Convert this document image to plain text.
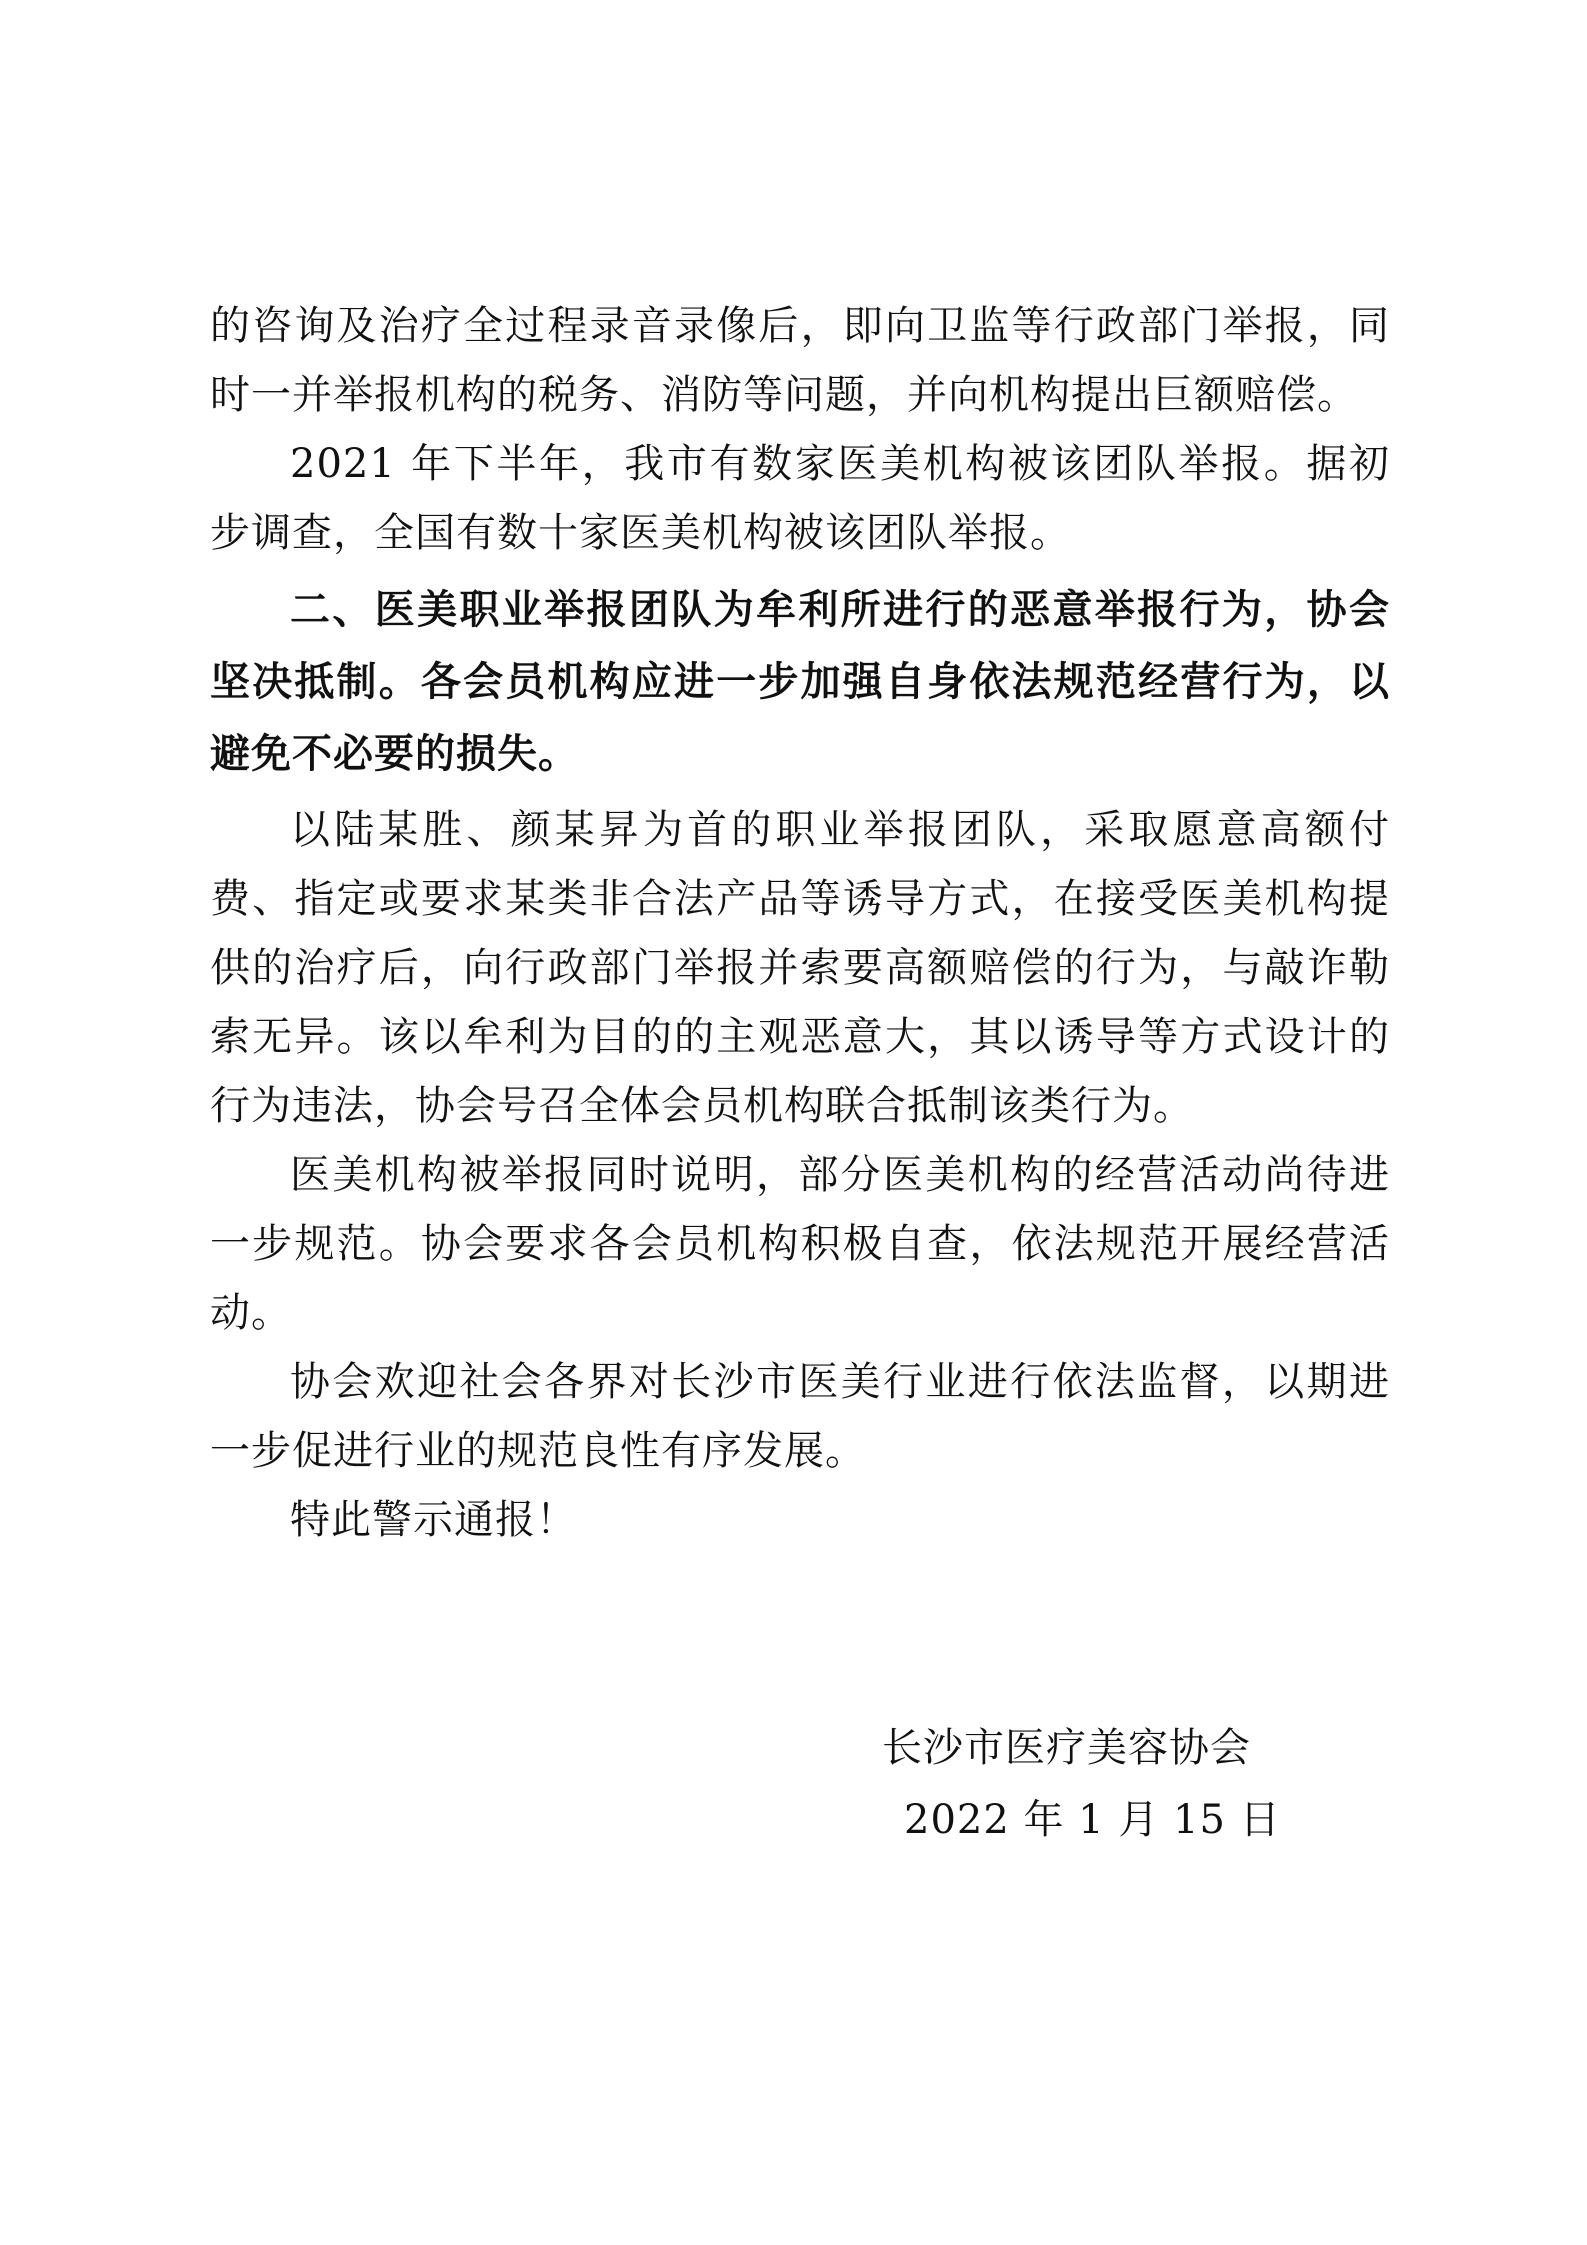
的咨询及治疗全过程录音录像后，即向卫监等行政部门举报，同时一并举报机构的税务、消防等问题，并向机构提出巨额赔偿。

2021 年下半年，我市有数家医美机构被该团队举报。据初步调查，全国有数十家医美机构被该团队举报。

二、医美职业举报团队为牟利所进行的恶意举报行为，协会坚决抵制。各会员机构应进一步加强自身依法规范经营行为，以避免不必要的损失。

以陆某胜、颜某昇为首的职业举报团队，采取愿意高额付费、指定或要求某类非合法产品等诱导方式，在接受医美机构提供的治疗后，向行政部门举报并索要高额赔偿的行为，与敲诈勒索无异。该以牟利为目的的主观恶意大，其以诱导等方式设计的行为违法，协会号召全体会员机构联合抵制该类行为。

医美机构被举报同时说明，部分医美机构的经营活动尚待进一步规范。协会要求各会员机构积极自查，依法规范开展经营活动。

协会欢迎社会各界对长沙市医美行业进行依法监督，以期进一步促进行业的规范良性有序发展。

特此警示通报！

长沙市医疗美容协会
2022 年 1 月 15 日
